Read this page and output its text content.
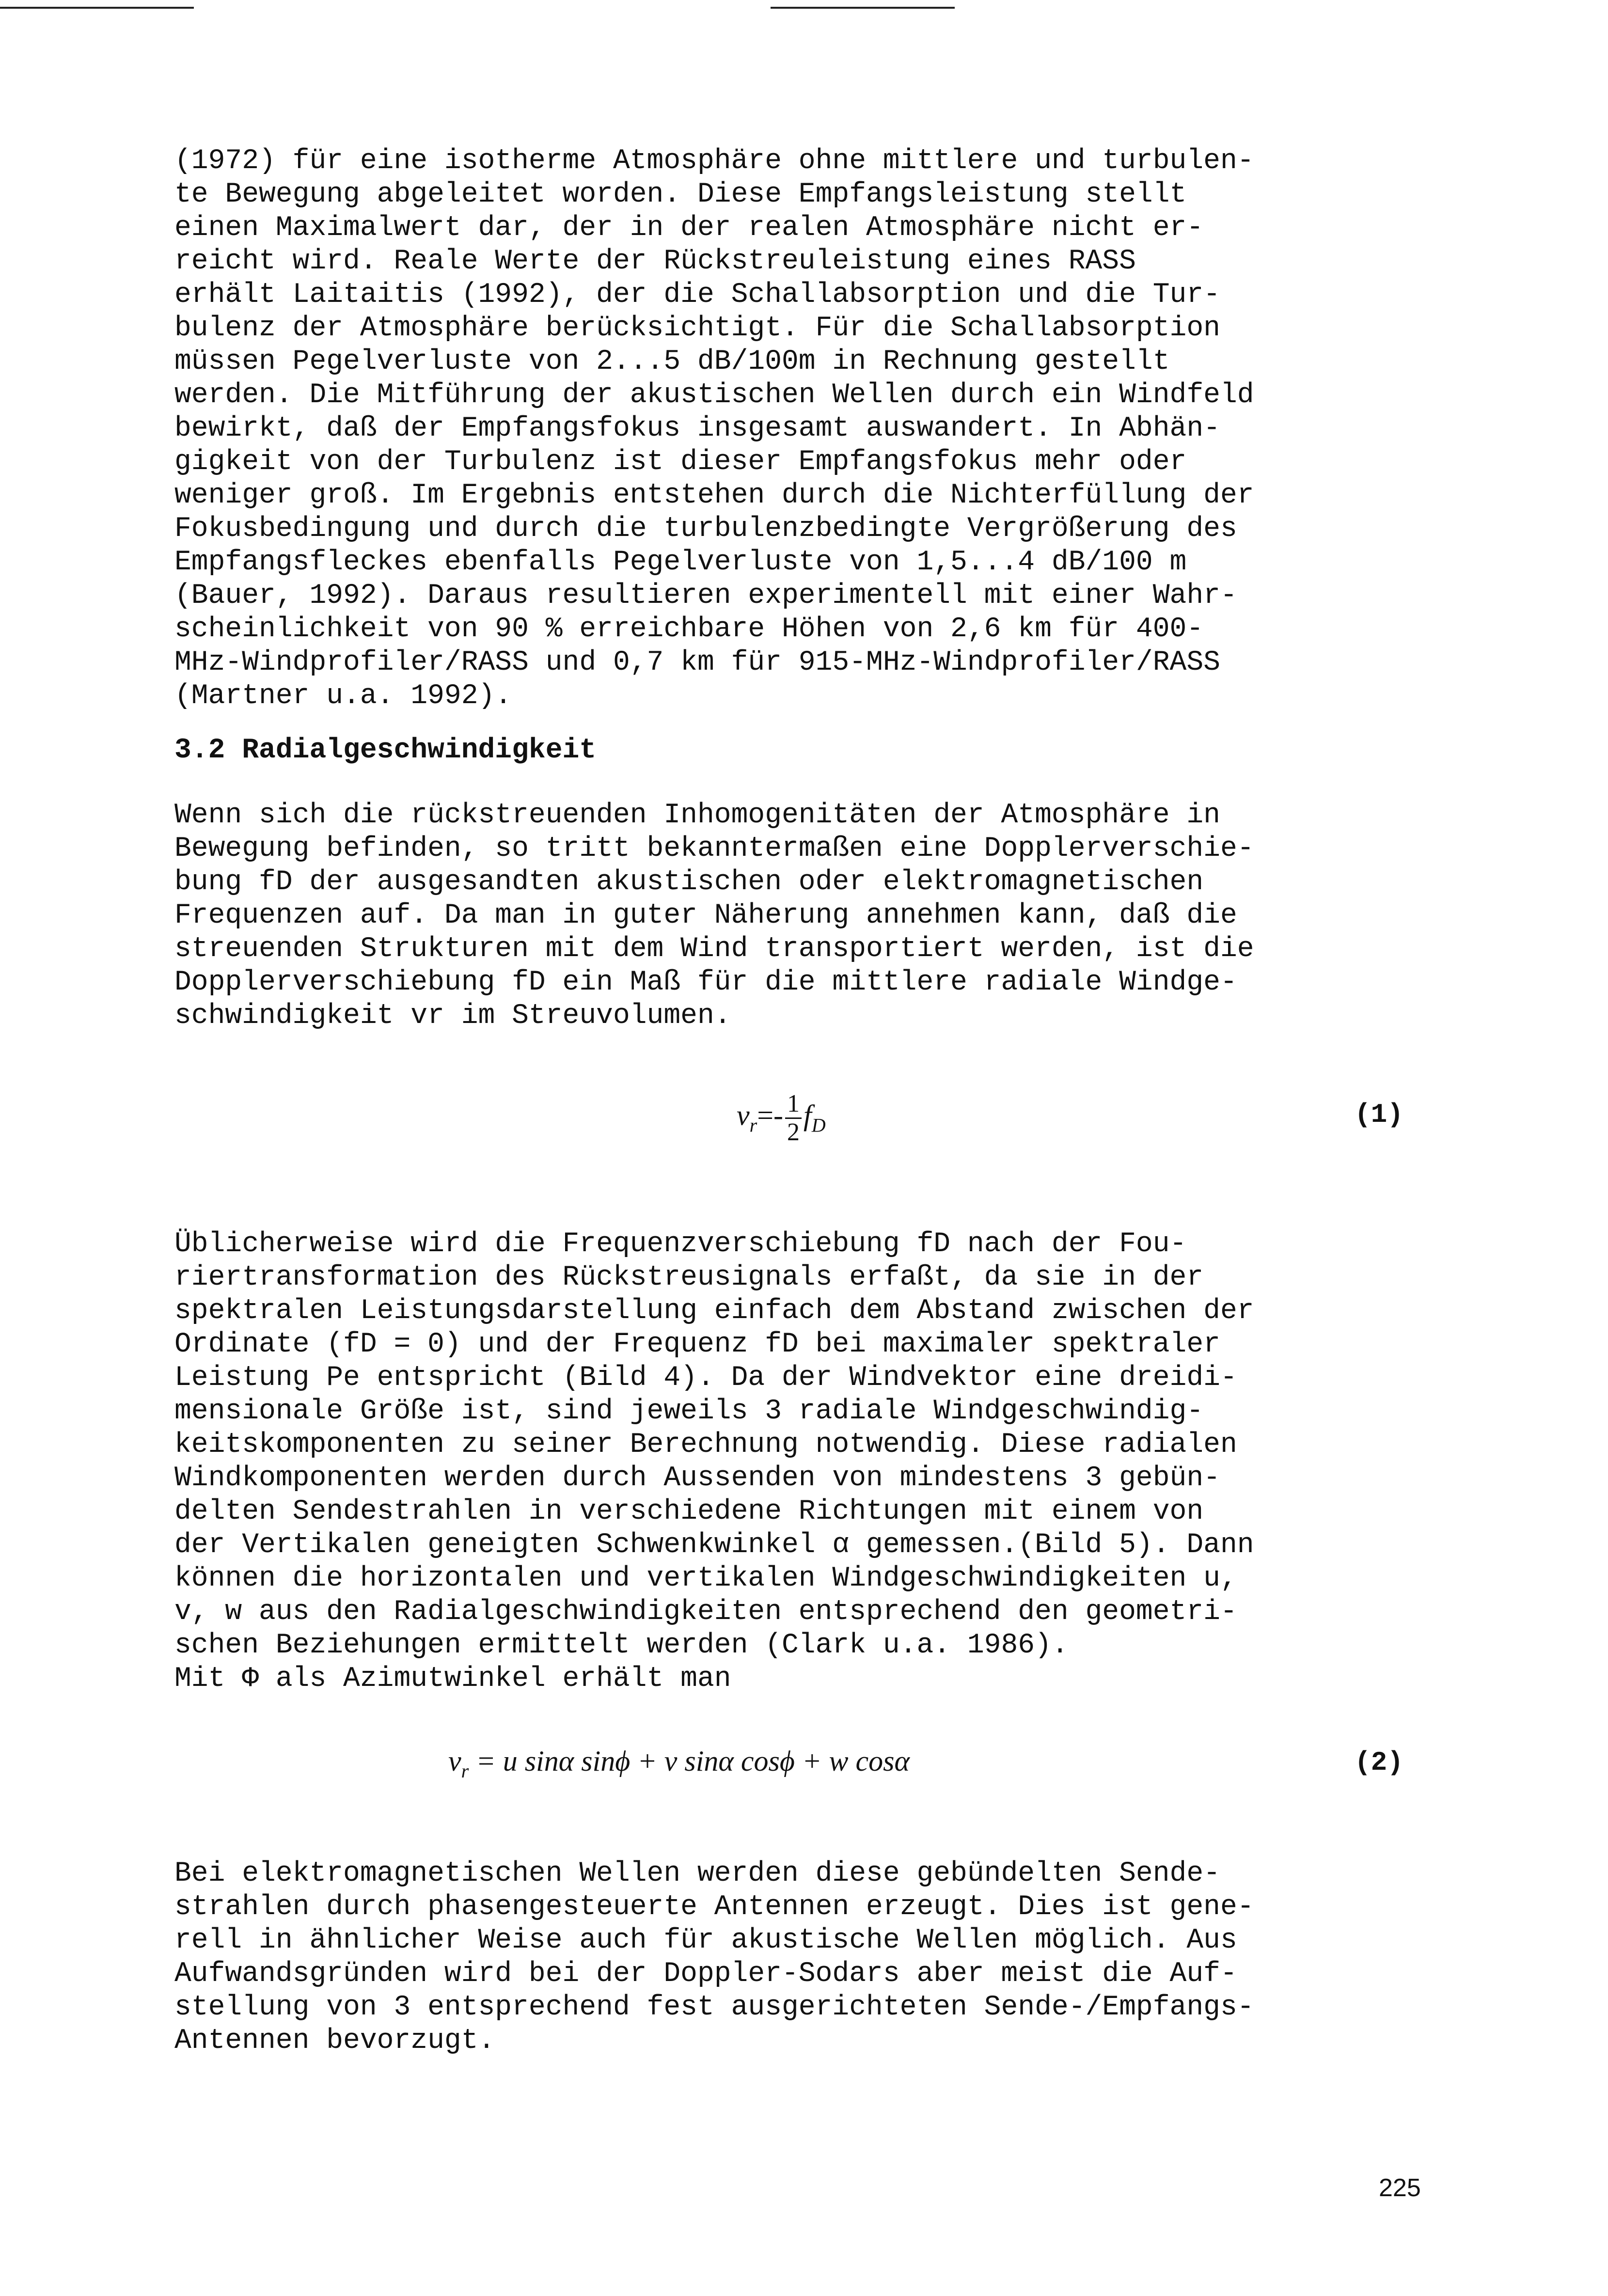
(1972) für eine isotherme Atmosphäre ohne mittlere und turbulen-
te Bewegung abgeleitet worden. Diese Empfangsleistung stellt
einen Maximalwert dar, der in der realen Atmosphäre nicht er-
reicht wird. Reale Werte der Rückstreuleistung eines RASS
erhält Laitaitis (1992), der die Schallabsorption und die Tur-
bulenz der Atmosphäre berücksichtigt. Für die Schallabsorption
müssen Pegelverluste von 2...5 dB/100m in Rechnung gestellt
werden. Die Mitführung der akustischen Wellen durch ein Windfeld
bewirkt, daß der Empfangsfokus insgesamt auswandert. In Abhän-
gigkeit von der Turbulenz ist dieser Empfangsfokus mehr oder
weniger groß. Im Ergebnis entstehen durch die Nichterfüllung der
Fokusbedingung und durch die turbulenzbedingte Vergrößerung des
Empfangsfleckes ebenfalls Pegelverluste von 1,5...4 dB/100 m
(Bauer, 1992). Daraus resultieren experimentell mit einer Wahr-
scheinlichkeit von 90 % erreichbare Höhen von 2,6 km für 400-
MHz-Windprofiler/RASS und 0,7 km für 915-MHz-Windprofiler/RASS
(Martner u.a. 1992).
3.2 Radialgeschwindigkeit
Wenn sich die rückstreuenden Inhomogenitäten der Atmosphäre in
Bewegung befinden, so tritt bekanntermaßen eine Dopplerverschie-
bung fD der ausgesandten akustischen oder elektromagnetischen
Frequenzen auf. Da man in guter Näherung annehmen kann, daß die
streuenden Strukturen mit dem Wind transportiert werden, ist die
Dopplerverschiebung fD ein Maß für die mittlere radiale Windge-
schwindigkeit vr im Streuvolumen.
$v_r=- \frac{1}{2} f_D$	(1)
Üblicherweise wird die Frequenzverschiebung fD nach der Fou-
riertransformation des Rückstreusignals erfaßt, da sie in der
spektralen Leistungsdarstellung einfach dem Abstand zwischen der
Ordinate (fD = 0) und der Frequenz fD bei maximaler spektraler
Leistung Pe entspricht (Bild 4). Da der Windvektor eine dreidi-
mensionale Größe ist, sind jeweils 3 radiale Windgeschwindig-
keitskomponenten zu seiner Berechnung notwendig. Diese radialen
Windkomponenten werden durch Aussenden von mindestens 3 gebün-
delten Sendestrahlen in verschiedene Richtungen mit einem von
der Vertikalen geneigten Schwenkwinkel α gemessen.(Bild 5). Dann
können die horizontalen und vertikalen Windgeschwindigkeiten u,
v, w aus den Radialgeschwindigkeiten entsprechend den geometri-
schen Beziehungen ermittelt werden (Clark u.a. 1986).
Mit Φ als Azimutwinkel erhält man
$v_r = u$ sinα sinϕ + v sinα cosϕ + w cosα	(2)
Bei elektromagnetischen Wellen werden diese gebündelten Sende-
strahlen durch phasengesteuerte Antennen erzeugt. Dies ist gene-
rell in ähnlicher Weise auch für akustische Wellen möglich. Aus
Aufwandsgründen wird bei der Doppler-Sodars aber meist die Auf-
stellung von 3 entsprechend fest ausgerichteten Sende-/Empfangs-
Antennen bevorzugt.
225
